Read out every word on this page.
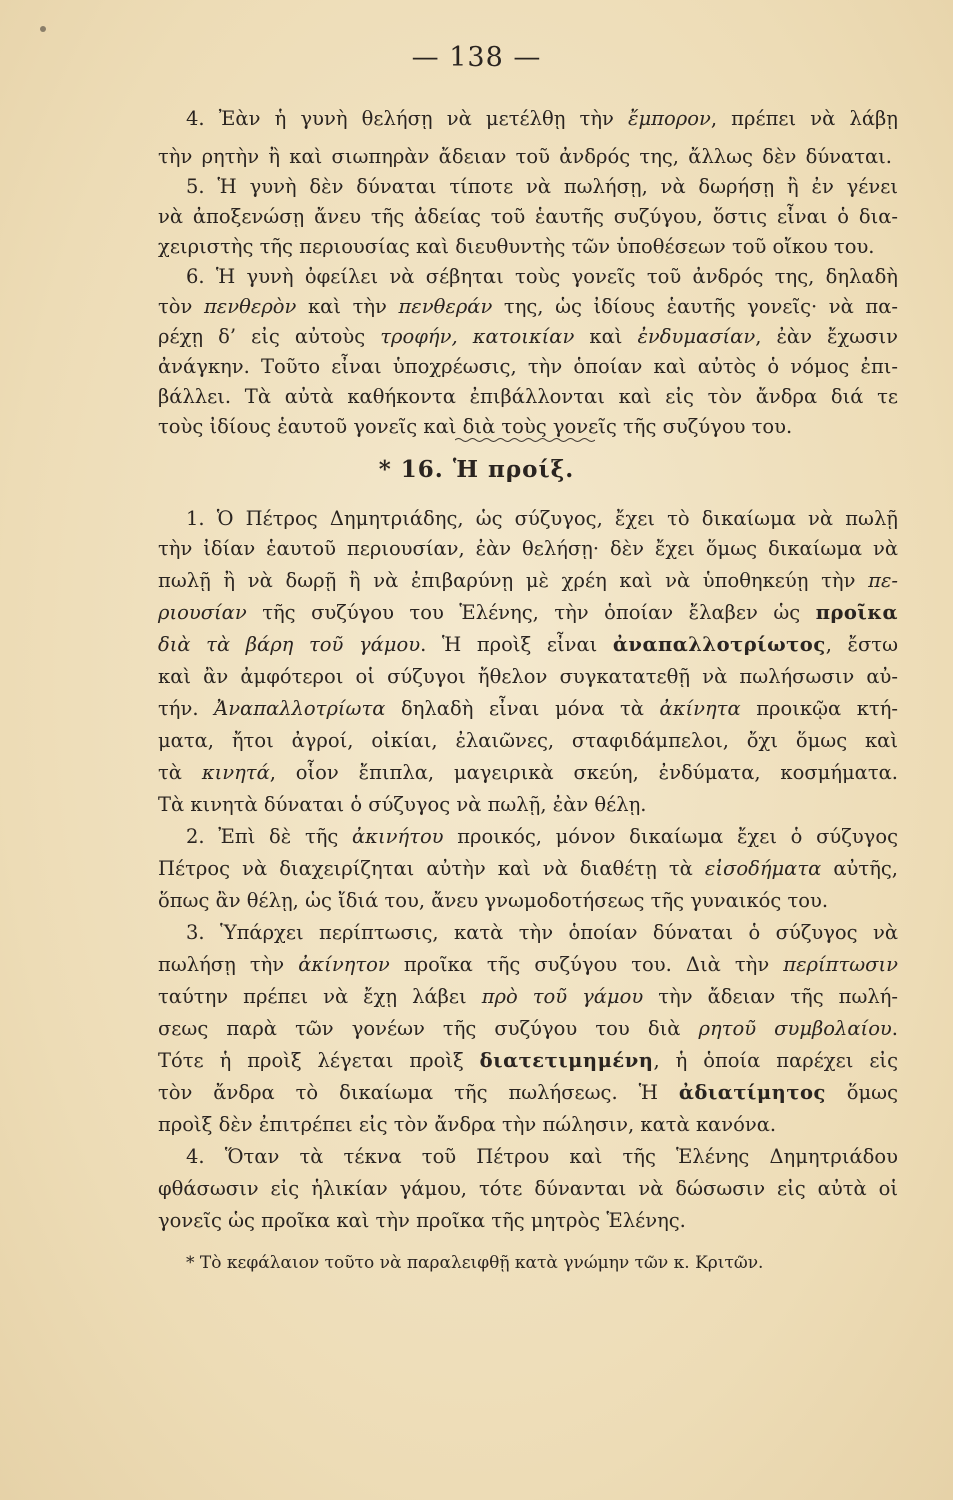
— 138 —
4. Ἐὰν ἡ γυνὴ θελήσῃ νὰ μετέλθῃ τὴν ἔμπορον, πρέπει νὰ λάβῃ
τὴν ρητὴν ἢ καὶ σιωπηρὰν ἄδειαν τοῦ ἀνδρός της, ἄλλως δὲν δύναται.
5. Ἡ γυνὴ δὲν δύναται τίποτε νὰ πωλήσῃ, νὰ δωρήσῃ ἢ ἐν γένει
νὰ ἀποξενώσῃ ἄνευ τῆς ἀδείας τοῦ ἑαυτῆς συζύγου, ὅστις εἶναι ὁ δια-
χειριστὴς τῆς περιουσίας καὶ διευθυντὴς τῶν ὑποθέσεων τοῦ οἴκου του.
6. Ἡ γυνὴ ὀφείλει νὰ σέβηται τοὺς γονεῖς τοῦ ἀνδρός της, δηλαδὴ
τὸν πενθερὸν καὶ τὴν πενθεράν της, ὡς ἰδίους ἑαυτῆς γονεῖς· νὰ πα-
ρέχῃ δ’ εἰς αὐτοὺς τροφήν, κατοικίαν καὶ ἐνδυμασίαν, ἐὰν ἔχωσιν
ἀνάγκην. Τοῦτο εἶναι ὑποχρέωσις, τὴν ὁποίαν καὶ αὐτὸς ὁ νόμος ἐπι-
βάλλει. Τὰ αὐτὰ καθήκοντα ἐπιβάλλονται καὶ εἰς τὸν ἄνδρα διά τε
τοὺς ἰδίους ἑαυτοῦ γονεῖς καὶ διὰ τοὺς γονεῖς τῆς συζύγου του.
* 16. Ἡ προίξ.
1. Ὁ Πέτρος Δημητριάδης, ὡς σύζυγος, ἔχει τὸ δικαίωμα νὰ πωλῇ
τὴν ἰδίαν ἑαυτοῦ περιουσίαν, ἐὰν θελήσῃ· δὲν ἔχει ὅμως δικαίωμα νὰ
πωλῇ ἢ νὰ δωρῇ ἢ νὰ ἐπιβαρύνῃ μὲ χρέη καὶ νὰ ὑποθηκεύῃ τὴν πε-
ριουσίαν τῆς συζύγου του Ἑλένης, τὴν ὁποίαν ἔλαβεν ὡς προῖκα
διὰ τὰ βάρη τοῦ γάμου. Ἡ προὶξ εἶναι ἀναπαλλοτρίωτος, ἔστω
καὶ ἂν ἀμφότεροι οἱ σύζυγοι ἤθελον συγκατατεθῇ νὰ πωλήσωσιν αὐ-
τήν. Ἀναπαλλοτρίωτα δηλαδὴ εἶναι μόνα τὰ ἀκίνητα προικῷα κτή-
ματα, ἤτοι ἀγροί, οἰκίαι, ἐλαιῶνες, σταφιδάμπελοι, ὄχι ὅμως καὶ
τὰ κινητά, οἷον ἔπιπλα, μαγειρικὰ σκεύη, ἐνδύματα, κοσμήματα.
Τὰ κινητὰ δύναται ὁ σύζυγος νὰ πωλῇ, ἐὰν θέλῃ.
2. Ἐπὶ δὲ τῆς ἀκινήτου προικός, μόνον δικαίωμα ἔχει ὁ σύζυγος
Πέτρος νὰ διαχειρίζηται αὐτὴν καὶ νὰ διαθέτῃ τὰ εἰσοδήματα αὐτῆς,
ὅπως ἂν θέλῃ, ὡς ἴδιά του, ἄνευ γνωμοδοτήσεως τῆς γυναικός του.
3. Ὑπάρχει περίπτωσις, κατὰ τὴν ὁποίαν δύναται ὁ σύζυγος νὰ
πωλήσῃ τὴν ἀκίνητον προῖκα τῆς συζύγου του. Διὰ τὴν περίπτωσιν
ταύτην πρέπει νὰ ἔχῃ λάβει πρὸ τοῦ γάμου τὴν ἄδειαν τῆς πωλή-
σεως παρὰ τῶν γονέων τῆς συζύγου του διὰ ρητοῦ συμβολαίου.
Τότε ἡ προὶξ λέγεται προὶξ διατετιμημένη, ἡ ὁποία παρέχει εἰς
τὸν ἄνδρα τὸ δικαίωμα τῆς πωλήσεως. Ἡ ἀδιατίμητος ὅμως
προὶξ δὲν ἐπιτρέπει εἰς τὸν ἄνδρα τὴν πώλησιν, κατὰ κανόνα.
4. Ὅταν τὰ τέκνα τοῦ Πέτρου καὶ τῆς Ἑλένης Δημητριάδου
φθάσωσιν εἰς ἡλικίαν γάμου, τότε δύνανται νὰ δώσωσιν εἰς αὐτὰ οἱ
γονεῖς ὡς προῖκα καὶ τὴν προῖκα τῆς μητρὸς Ἑλένης.
* Τὸ κεφάλαιον τοῦτο νὰ παραλειφθῇ κατὰ γνώμην τῶν κ. Κριτῶν.
